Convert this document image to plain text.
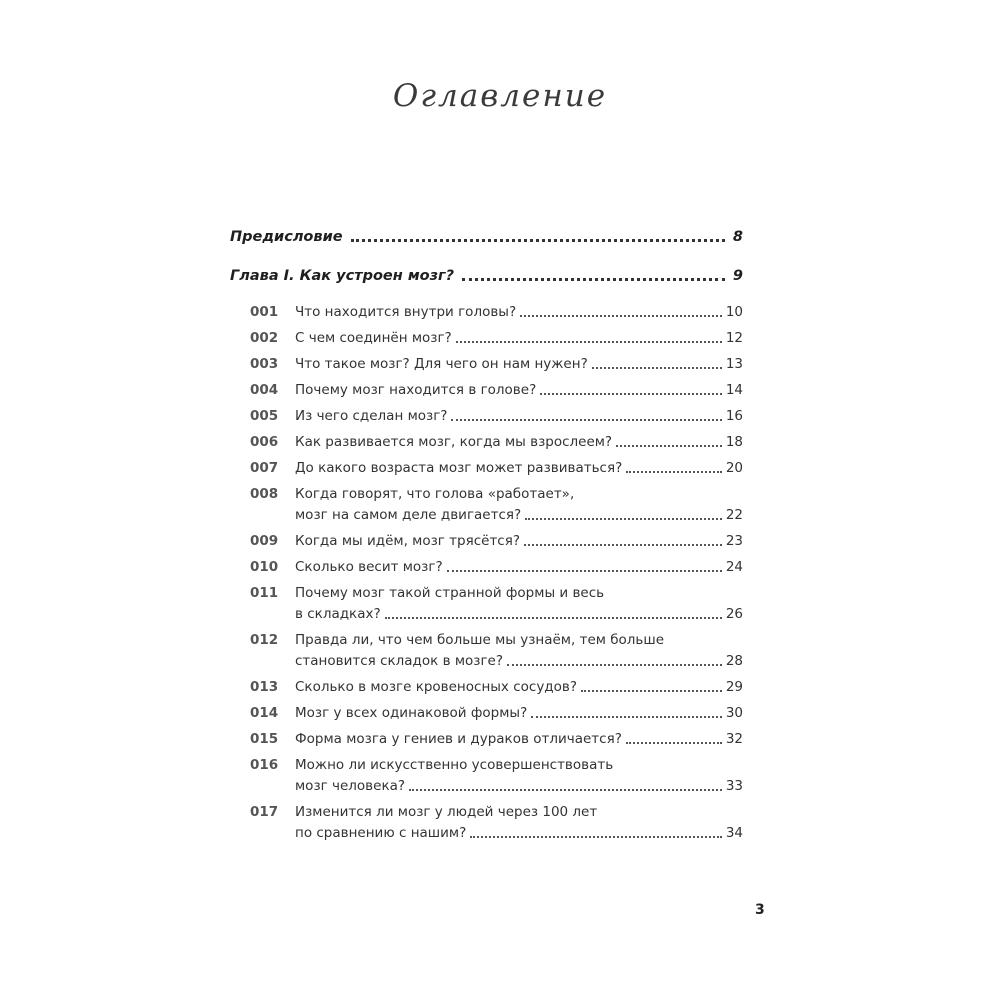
Оглавление
Предисловие	8
Глава I. Как устроен мозг?	9
001	Что находится внутри головы?	10
002	С чем соединён мозг?	12
003	Что такое мозг? Для чего он нам нужен?	13
004	Почему мозг находится в голове?	14
005	Из чего сделан мозг?	16
006	Как развивается мозг, когда мы взрослеем?	18
007	До какого возраста мозг может развиваться?	20
008	Когда говорят, что голова «работает»,
мозг на самом деле двигается?	22
009	Когда мы идём, мозг трясётся?	23
010	Сколько весит мозг?	24
011	Почему мозг такой странной формы и весь
в складках?	26
012	Правда ли, что чем больше мы узнаём, тем больше
становится складок в мозге?	28
013	Сколько в мозге кровеносных сосудов?	29
014	Мозг у всех одинаковой формы?	30
015	Форма мозга у гениев и дураков отличается?	32
016	Можно ли искусственно усовершенствовать
мозг человека?	33
017	Изменится ли мозг у людей через 100 лет
по сравнению с нашим?	34
3
